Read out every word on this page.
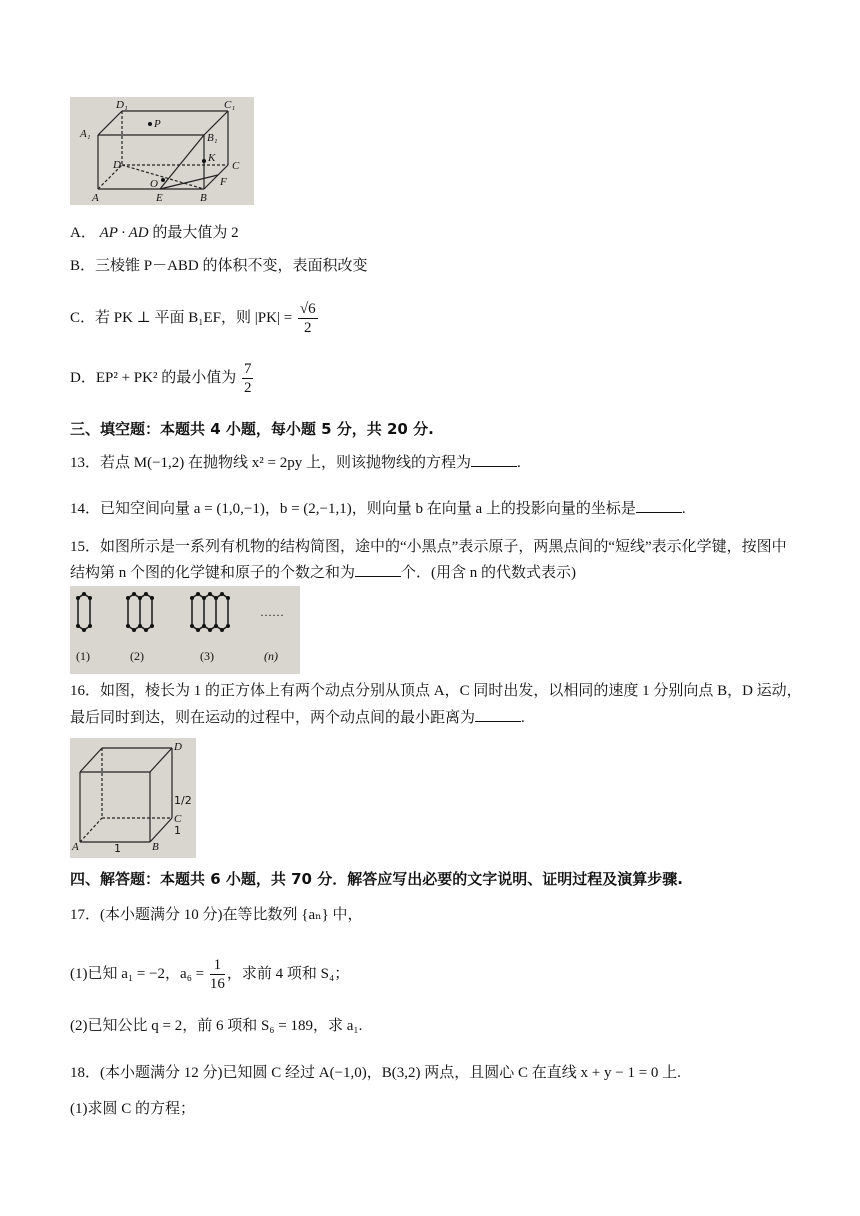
D₁	C₁
A₁	B₁
P
D
K
C
O	F
A	E	B
A． AP · AD 的最大值为 2
B．三棱锥 P－ABD 的体积不变，表面积改变
C．若 PK ⊥ 平面 B₁EF，则 $|PK| = \frac{√6}{2}$
D．EP² + PK² 的最小值为 $\frac{7}{2}$
三、填空题：本题共 4 小题，每小题 5 分，共 20 分.
13．若点 M(−1,2) 在抛物线 x² = 2py 上，则该抛物线的方程为	.
14．已知空间向量 a = (1,0,−1)，b = (2,−1,1)，则向量 b 在向量 a 上的投影向量的坐标是	.
15．如图所示是一系列有机物的结构简图，途中的“小黑点”表示原子，两黑点间的“短线”表示化学键，按图中
结构第 n 个图的化学键和原子的个数之和为	个．(用含 n 的代数式表示)
(1)	(2)	(3)	(n)
……
16．如图，棱长为 1 的正方体上有两个动点分别从顶点 A，C 同时出发，以相同的速度 1 分别向点 B，D 运动，
最后同时到达，则在运动的过程中，两个动点间的最小距离为	.
D
C
A	B
1/2
1
1
四、解答题：本题共 6 小题，共 70 分．解答应写出必要的文字说明、证明过程及演算步骤.
17．(本小题满分 10 分)在等比数列 {aₙ} 中，
(1)已知 a₁ = −2，$a_6 = \frac{1}{16}$ ，求前 4 项和 S₄；
(2)已知公比 q = 2，前 6 项和 S₆ = 189，求 a₁.
18．(本小题满分 12 分)已知圆 C 经过 A(−1,0)，B(3,2) 两点，且圆心 C 在直线 x + y − 1 = 0 上.
(1)求圆 C 的方程；
